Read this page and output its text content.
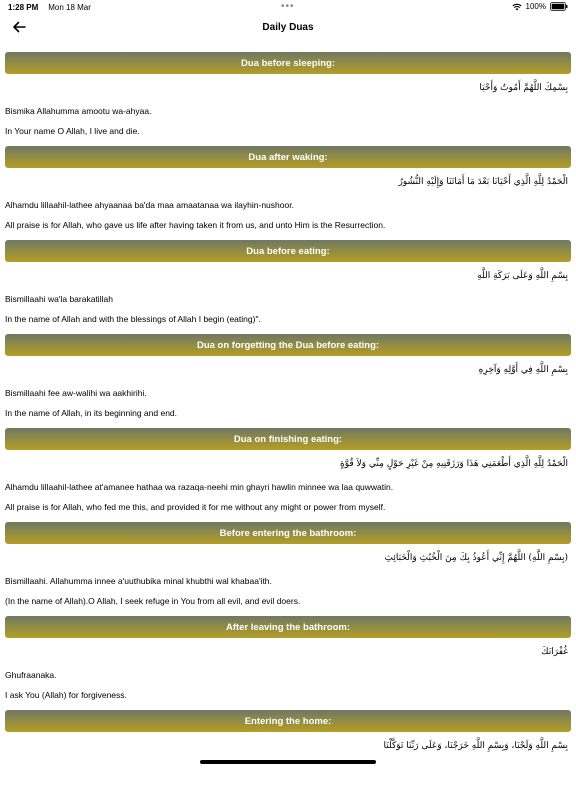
1:28 PM Mon 18 Mar	•••	100%
Daily Duas
Dua before sleeping:
بِسْمِكَ اللَّهُمَّ أَمُوتُ وَأَحْيَا
Bismika Allahumma amootu wa-ahyaa.
In Your name O Allah, I live and die.
Dua after waking:
الْحَمْدُ لِلَّهِ الَّذِي أَحْيَانَا بَعْدَ مَا أَمَاتَنَا وَإِلَيْهِ النُّشُورُ
Alhamdu lillaahil-lathee ahyaanaa ba'da maa amaatanaa wa ilayhin-nushoor.
All praise is for Allah, who gave us life after having taken it from us, and unto Him is the Resurrection.
Dua before eating:
بِسْمِ اللَّهِ وَعَلَى بَرَكَةِ اللَّهِ
Bismillaahi wa'la barakatillah
In the name of Allah and with the blessings of Allah I begin (eating)".
Dua on forgetting the Dua before eating:
بِسْمِ اللَّهِ فِي أَوَّلِهِ وَآخِرِهِ
Bismillaahi fee aw-walihi wa aakhirihi.
In the name of Allah, in its beginning and end.
Dua on finishing eating:
الْحَمْدُ لِلَّهِ الَّذِي أَطْعَمَنِي هَذَا وَرَزَقَنِيهِ مِنْ غَيْرِ حَوْلٍ مِنِّي وَلاَ قُوَّةٍ
Alhamdu lillaahil-lathee at'amanee hathaa wa razaqa-neehi min ghayri hawlin minnee wa laa quwwatin.
All praise is for Allah, who fed me this, and provided it for me without any might or power from myself.
Before entering the bathroom:
(بِسْمِ اللَّهِ) اللَّهُمَّ إِنِّي أَعُوذُ بِكَ مِنَ الْخُبُثِ وَالْخَبَائِثِ
Bismillaahi. Allahumma innee a'uuthubika minal khubthi wal khabaa'ith.
(In the name of Allah).O Allah, I seek refuge in You from all evil, and evil doers.
After leaving the bathroom:
غُفْرَانَكَ
Ghufraanaka.
I ask You (Allah) for forgiveness.
Entering the home:
بِسْمِ اللَّهِ وَلَجْنَا، وَبِسْمِ اللَّهِ خَرَجْنَا، وَعَلَى رَبِّنَا تَوَكَّلْنَا
